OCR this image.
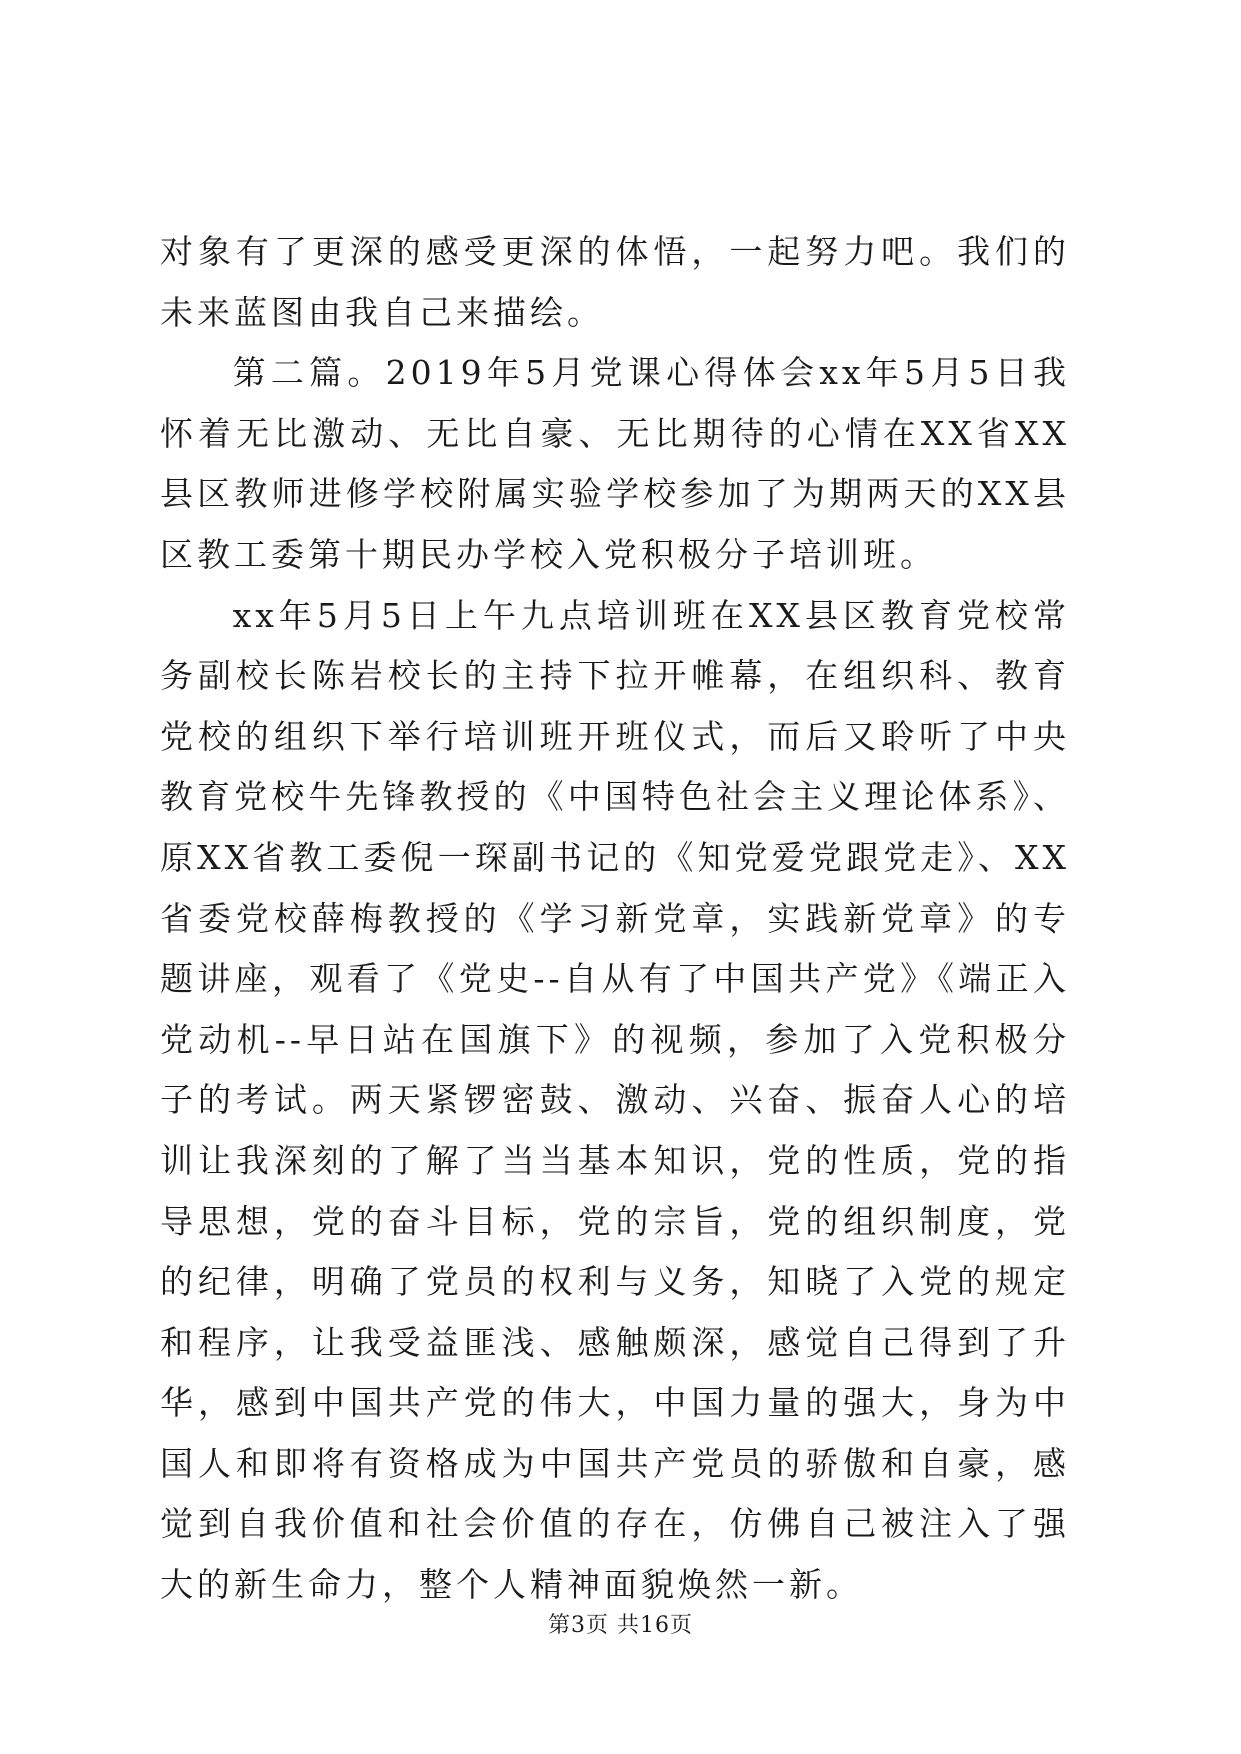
对象有了更深的感受更深的体悟，一起努力吧。我们的未来蓝图由我自己来描绘。

第二篇。2019年5月党课心得体会xx年5月5日我怀着无比激动、无比自豪、无比期待的心情在XX省XX县区教师进修学校附属实验学校参加了为期两天的XX县区教工委第十期民办学校入党积极分子培训班。

xx年5月5日上午九点培训班在XX县区教育党校常务副校长陈岩校长的主持下拉开帷幕，在组织科、教育党校的组织下举行培训班开班仪式，而后又聆听了中央教育党校牛先锋教授的《中国特色社会主义理论体系》、原XX省教工委倪一琛副书记的《知党爱党跟党走》、XX省委党校薛梅教授的《学习新党章，实践新党章》的专题讲座，观看了《党史--自从有了中国共产党》《端正入党动机--早日站在国旗下》的视频，参加了入党积极分子的考试。两天紧锣密鼓、激动、兴奋、振奋人心的培训让我深刻的了解了当当基本知识，党的性质，党的指导思想，党的奋斗目标，党的宗旨，党的组织制度，党的纪律，明确了党员的权利与义务，知晓了入党的规定和程序，让我受益匪浅、感触颇深，感觉自己得到了升华，感到中国共产党的伟大，中国力量的强大，身为中国人和即将有资格成为中国共产党员的骄傲和自豪，感觉到自我价值和社会价值的存在，仿佛自己被注入了强大的新生命力，整个人精神面貌焕然一新。

第3页 共16页
